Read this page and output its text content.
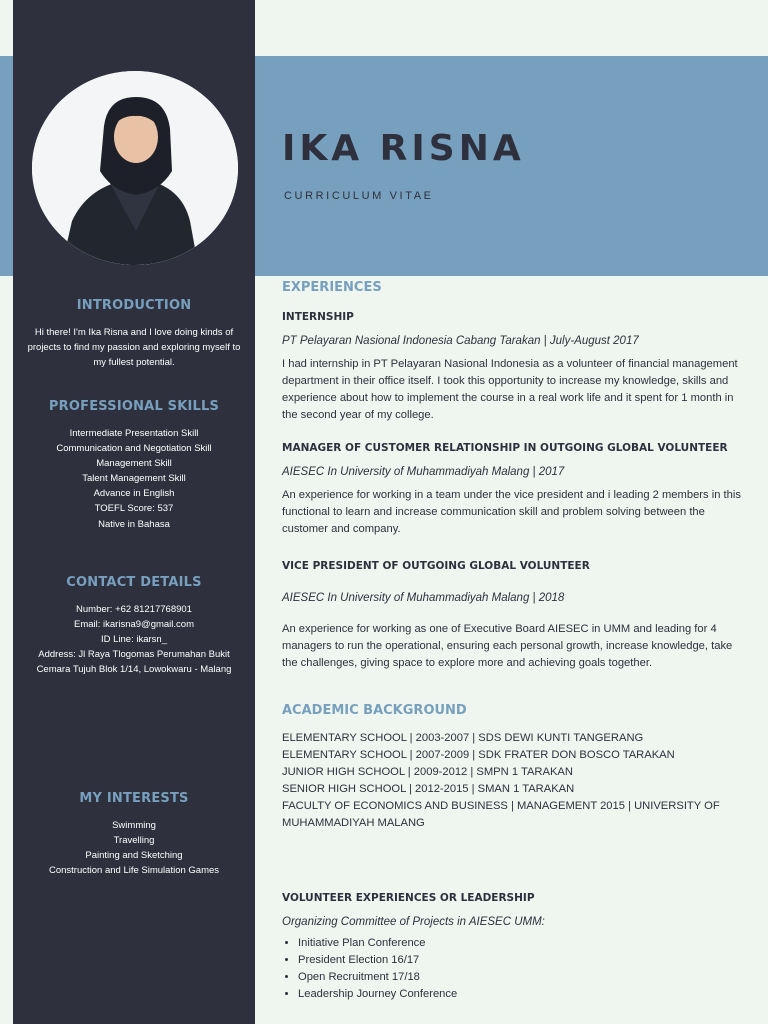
INTRODUCTION

Hi there! I'm Ika Risna and I love doing kinds of projects to find my passion and exploring myself to my fullest potential.

PROFESSIONAL SKILLS
Intermediate Presentation Skill
Communication and Negotiation Skill
Management Skill
Talent Management Skill
Advance in English
TOEFL Score: 537
Native in Bahasa
CONTACT DETAILS
Number: +62 81217768901
Email: ikarisna9@gmail.com
ID Line: ikarsn_
Address: Jl Raya Tlogomas Perumahan Bukit
Cemara Tujuh Blok 1/14, Lowokwaru - Malang
MY INTERESTS
Swimming
Travelling
Painting and Sketching
Construction and Life Simulation Games
IKA RISNA
CURRICULUM VITAE
EXPERIENCES

INTERNSHIP

PT Pelayaran Nasional Indonesia Cabang Tarakan | July-August 2017

I had internship in PT Pelayaran Nasional Indonesia as a volunteer of financial management department in their office itself. I took this opportunity to increase my knowledge, skills and experience about how to implement the course in a real work life and it spent for 1 month in the second year of my college.

MANAGER OF CUSTOMER RELATIONSHIP IN OUTGOING GLOBAL VOLUNTEER

AIESEC In University of Muhammadiyah Malang | 2017

An experience for working in a team under the vice president and i leading 2 members in this functional to learn and increase communication skill and problem solving between the customer and company.

VICE PRESIDENT OF OUTGOING GLOBAL VOLUNTEER

AIESEC In University of Muhammadiyah Malang | 2018

An experience for working as one of Executive Board AIESEC in UMM and leading for 4 managers to run the operational, ensuring each personal growth, increase knowledge, take the challenges, giving space to explore more and achieving goals together.

ACADEMIC BACKGROUND
ELEMENTARY SCHOOL | 2003-2007 | SDS DEWI KUNTI TANGERANG
ELEMENTARY SCHOOL | 2007-2009 | SDK FRATER DON BOSCO TARAKAN
JUNIOR HIGH SCHOOL | 2009-2012 | SMPN 1 TARAKAN
SENIOR HIGH SCHOOL | 2012-2015 | SMAN 1 TARAKAN
FACULTY OF ECONOMICS AND BUSINESS | MANAGEMENT 2015 | UNIVERSITY OF MUHAMMADIYAH MALANG

VOLUNTEER EXPERIENCES OR LEADERSHIP

Organizing Committee of Projects in AIESEC UMM:

• Initiative Plan Conference
• President Election 16/17
• Open Recruitment 17/18
• Leadership Journey Conference
